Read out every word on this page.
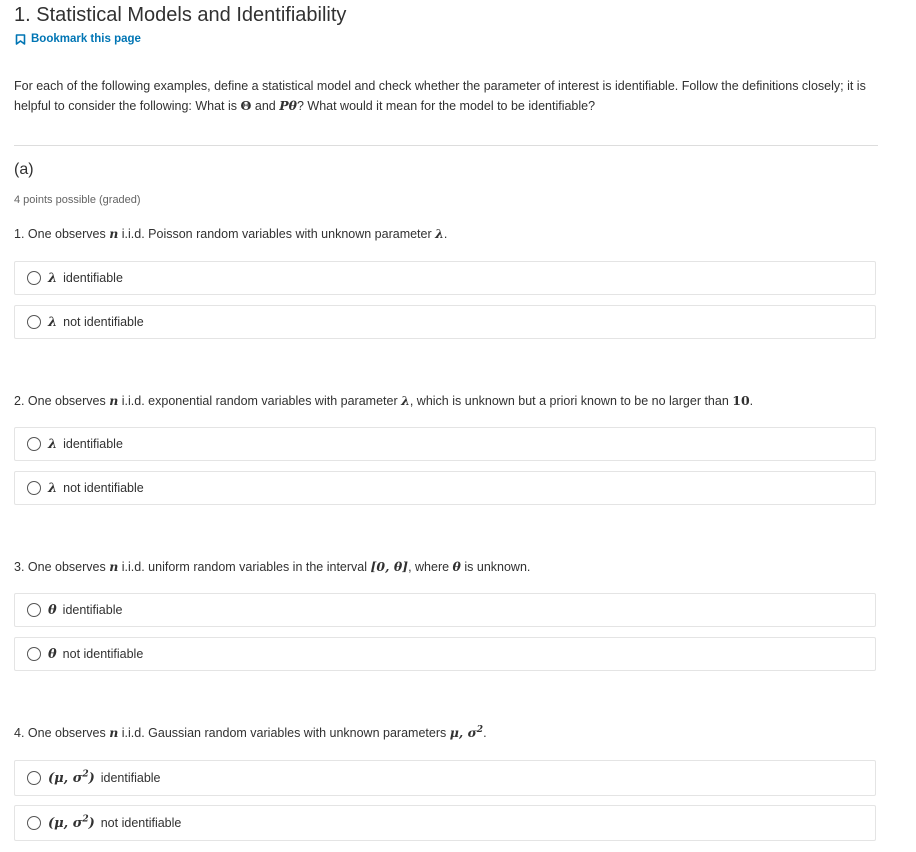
1. Statistical Models and Identifiability
Bookmark this page

For each of the following examples, define a statistical model and check whether the parameter of interest is identifiable. Follow the definitions closely; it is helpful to consider the following: What is Θ and Pθ? What would it mean for the model to be identifiable?

(a)
4 points possible (graded)

1. One observes n i.i.d. Poisson random variables with unknown parameter λ.

λ identifiable
λ not identifiable

2. One observes n i.i.d. exponential random variables with parameter λ, which is unknown but a priori known to be no larger than 10.

λ identifiable
λ not identifiable

3. One observes n i.i.d. uniform random variables in the interval [0, θ], where θ is unknown.

θ identifiable
θ not identifiable

4. One observes n i.i.d. Gaussian random variables with unknown parameters μ, $\sigma^2$.

(μ, $\sigma^2$) identifiable
(μ, $\sigma^2$) not identifiable
